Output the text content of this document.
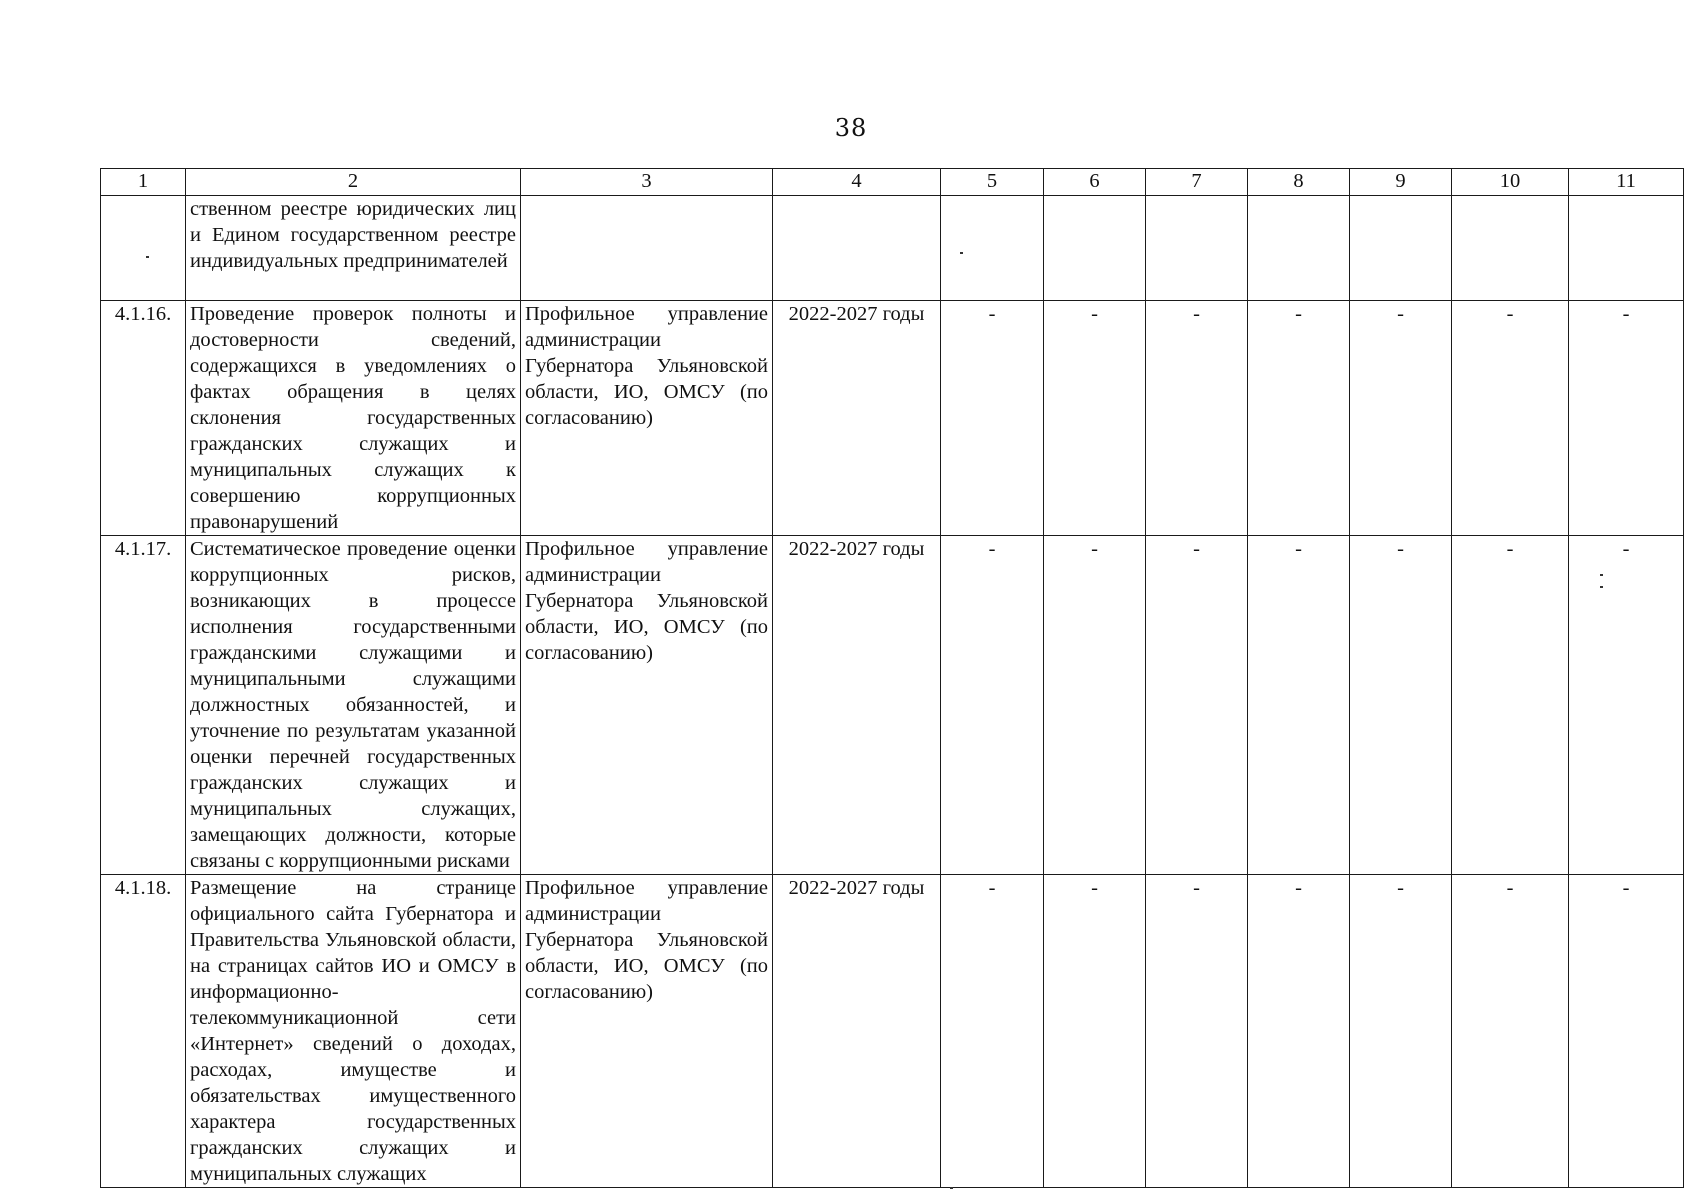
38
1	2	3	4	5	6	7	8	9	10	11
	ственном реестре юридических лиц и Едином государственном реестре индивидуальных предпринимателей									
4.1.16.	Проведение проверок полноты и достоверности сведений, содержащихся в уведомлениях о фактах обращения в целях склонения государственных гражданских служащих и муниципальных служащих к совершению коррупционных правонарушений	Профильное управление администрации Губернатора Ульяновской области, ИО, ОМСУ (по согласованию)	2022-2027 годы	-	-	-	-	-	-	-
4.1.17.	Систематическое проведение оценки коррупционных рисков, возникающих в процессе исполнения государственными гражданскими служащими и муниципальными служащими должностных обязанностей, и уточнение по результатам указанной оценки перечней государственных гражданских служащих и муниципальных служащих, замещающих должности, которые связаны с коррупционными рисками	Профильное управление администрации Губернатора Ульяновской области, ИО, ОМСУ (по согласованию)	2022-2027 годы	-	-	-	-	-	-	-
4.1.18.	Размещение на странице официального сайта Губернатора и Правительства Ульяновской области, на страницах сайтов ИО и ОМСУ в информационно-телекоммуникационной сети «Интернет» сведений о доходах, расходах, имуществе и обязательствах имущественного характера государственных гражданских служащих и муниципальных служащих	Профильное управление администрации Губернатора Ульяновской области, ИО, ОМСУ (по согласованию)	2022-2027 годы	-	-	-	-	-	-	-
